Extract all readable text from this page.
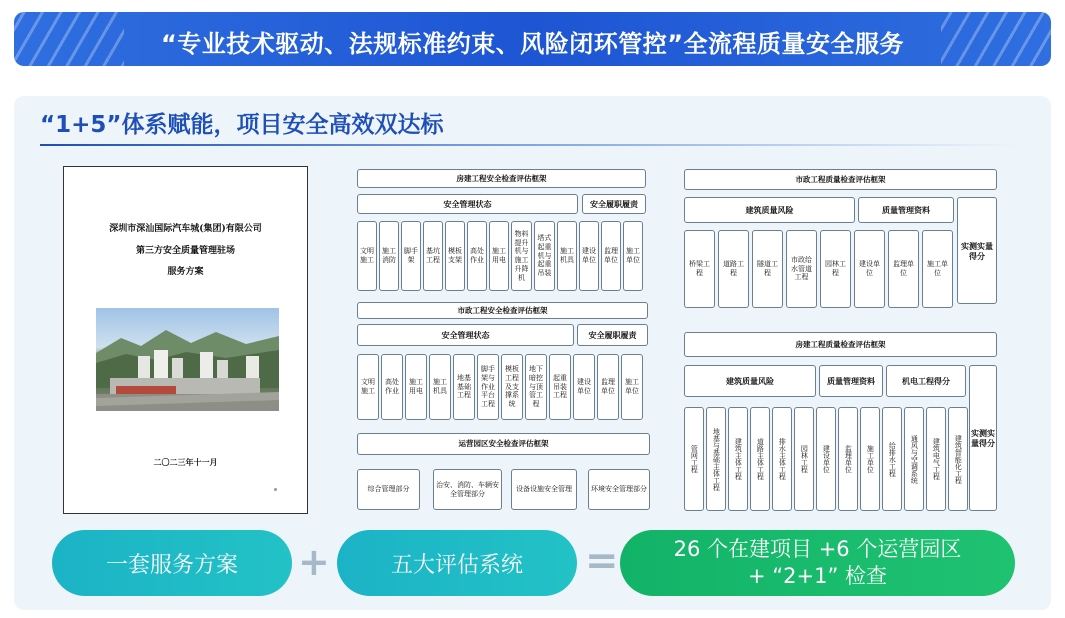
“专业技术驱动、法规标准约束、风险闭环管控”全流程质量安全服务
“1+5”体系赋能，项目安全高效双达标
深圳市深汕国际汽车城(集团)有限公司
第三方安全质量管理驻场
服务方案
二〇二三年十一月
房建工程安全检查评估框架
安全管理状态	安全履职履责
文明施工
施工消防
脚手架
基坑工程
模板支架
高处作业
施工用电
物料提升机与施工升降机
塔式起重机与起重吊装
施工机具
建设单位
监理单位
施工单位
市政工程安全检查评估框架
安全管理状态	安全履职履责
文明施工
高处作业
施工用电
施工机具
地基基础工程
脚手架与作业平台工程
模板工程及支撑系统
地下暗挖与顶管工程
起重吊装工程
建设单位
监理单位
施工单位
运营园区安全检查评估框架
综合管理部分
治安、消防、车辆安全管理部分
设备设施安全管理	环境安全管理部分
市政工程质量检查评估框架
建筑质量风险	质量管理资料
实测实量得分
桥梁工程
道路工程
隧道工程
市政给水管道工程
园林工程
建设单位
监理单位
施工单位
房建工程质量检查评估框架
建筑质量风险	质量管理资料	机电工程得分
实测实量得分
管网工程	地基与基础主体工程	建筑主体工程	道路主体工程	排水主体工程	园林工程	建设单位	监理单位	施工单位	给排水工程	通风与空调系统	建筑电气工程	建筑智能化工程
一套服务方案	+	五大评估系统	=	26 个在建项目 +6 个运营园区
+ “2+1” 检查
